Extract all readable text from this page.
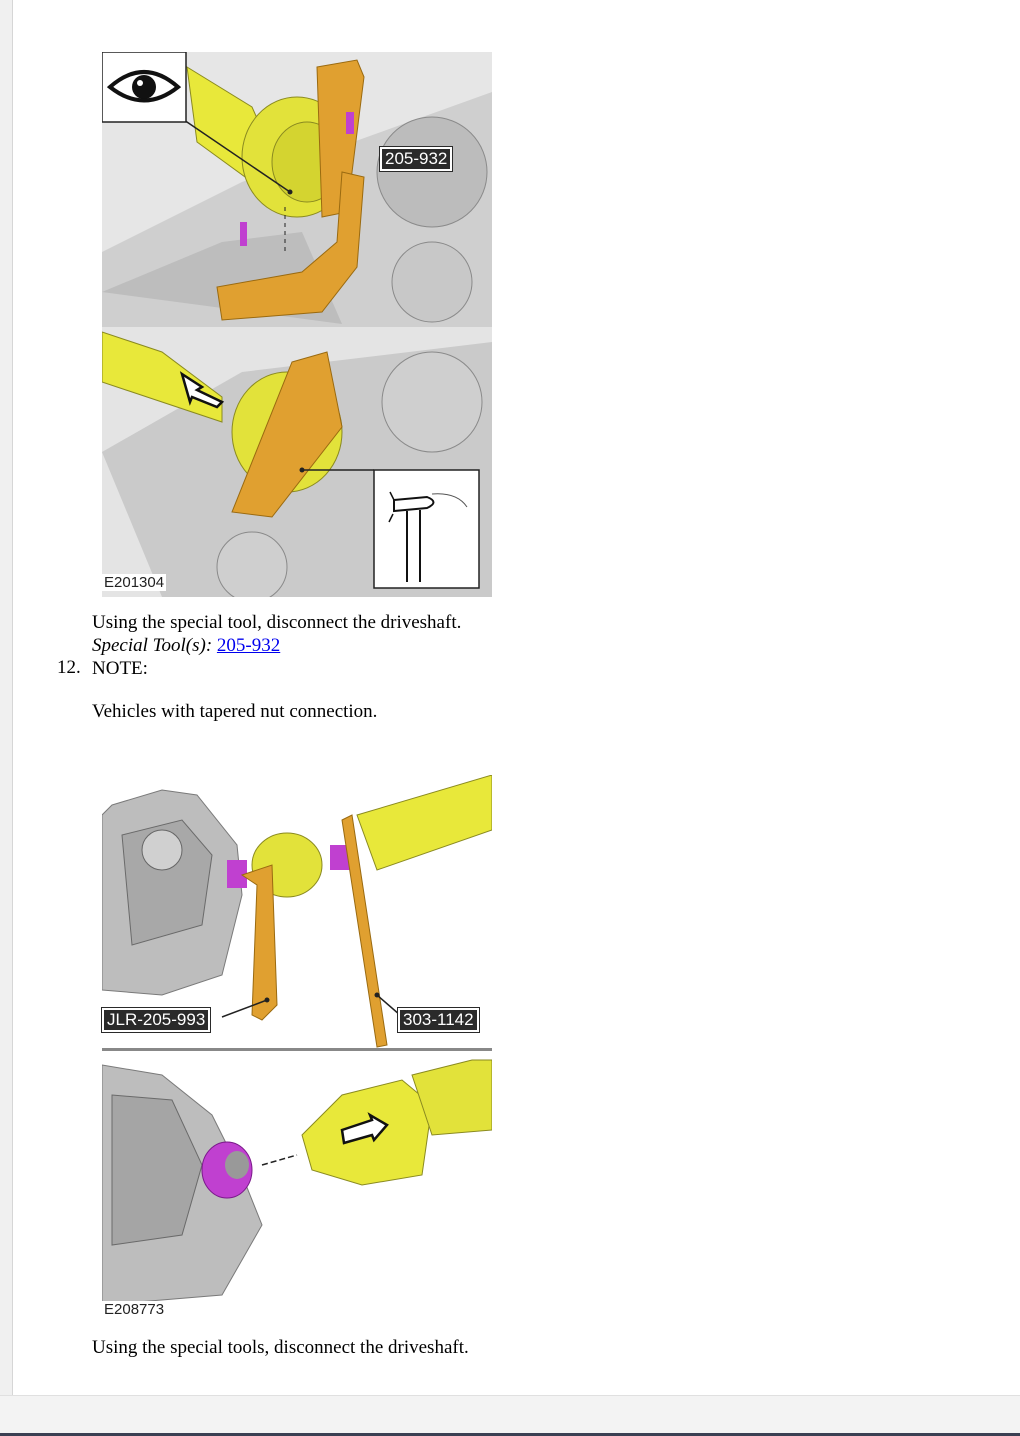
205-932
E201304
Using the special tool, disconnect the driveshaft.
Special Tool(s): 205-932
12. NOTE:
Vehicles with tapered nut connection.
JLR-205-993	303-1142
E208773
Using the special tools, disconnect the driveshaft.
